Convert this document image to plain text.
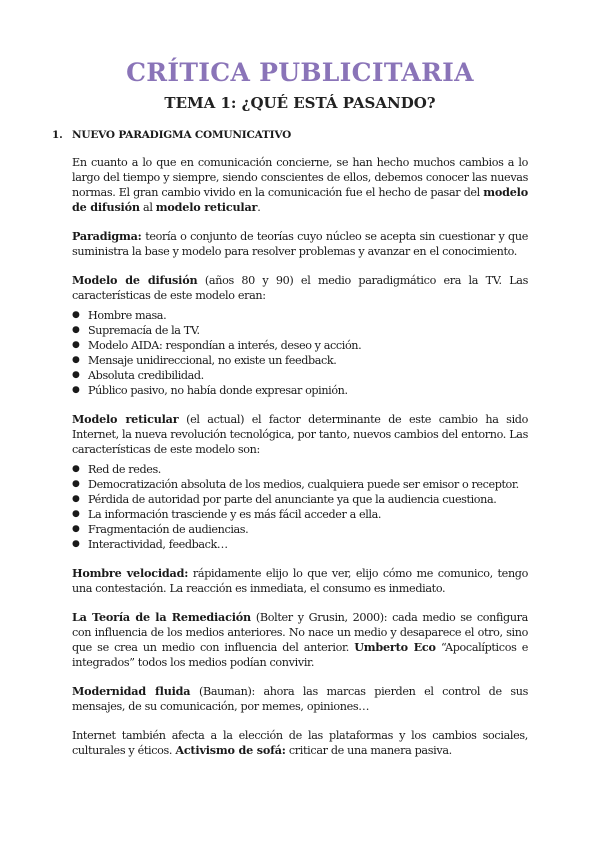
CRÍTICA PUBLICITARIA
TEMA 1: ¿QUÉ ESTÁ PASANDO?

1. NUEVO PARADIGMA COMUNICATIVO

En cuanto a lo que en comunicación concierne, se han hecho muchos cambios a lo largo del tiempo y siempre, siendo conscientes de ellos, debemos conocer las nuevas normas. El gran cambio vivido en la comunicación fue el hecho de pasar del modelo de difusión al modelo reticular.

Paradigma: teoría o conjunto de teorías cuyo núcleo se acepta sin cuestionar y que suministra la base y modelo para resolver problemas y avanzar en el conocimiento.

Modelo de difusión (años 80 y 90) el medio paradigmático era la TV. Las características de este modelo eran:

● Hombre masa.
● Supremacía de la TV.
● Modelo AIDA: respondían a interés, deseo y acción.
● Mensaje unidireccional, no existe un feedback.
● Absoluta credibilidad.
● Público pasivo, no había donde expresar opinión.

Modelo reticular (el actual) el factor determinante de este cambio ha sido Internet, la nueva revolución tecnológica, por tanto, nuevos cambios del entorno. Las características de este modelo son:

● Red de redes.
● Democratización absoluta de los medios, cualquiera puede ser emisor o receptor.
● Pérdida de autoridad por parte del anunciante ya que la audiencia cuestiona.
● La información trasciende y es más fácil acceder a ella.
● Fragmentación de audiencias.
● Interactividad, feedback…

Hombre velocidad: rápidamente elijo lo que ver, elijo cómo me comunico, tengo una contestación. La reacción es inmediata, el consumo es inmediato.

La Teoría de la Remediación (Bolter y Grusin, 2000): cada medio se configura con influencia de los medios anteriores. No nace un medio y desaparece el otro, sino que se crea un medio con influencia del anterior. Umberto Eco “Apocalípticos e integrados” todos los medios podían convivir.

Modernidad fluida (Bauman): ahora las marcas pierden el control de sus mensajes, de su comunicación, por memes, opiniones…

Internet también afecta a la elección de las plataformas y los cambios sociales, culturales y éticos. Activismo de sofá: criticar de una manera pasiva.
